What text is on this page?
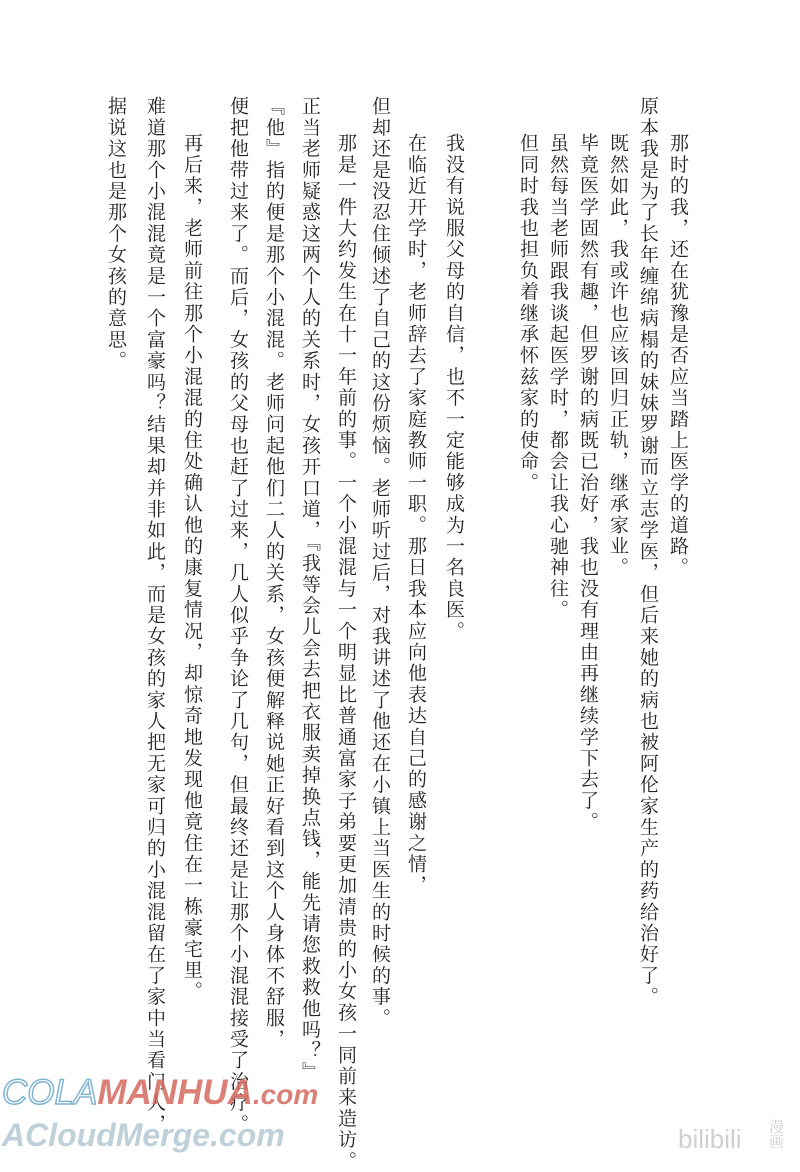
那时的我，还在犹豫是否应当踏上医学的道路。
原本我是为了长年缠绵病榻的妹妹罗谢而立志学医，但后来她的病也被阿伦家生产的药给治好了。
既然如此，我或许也应该回归正轨，继承家业。
毕竟医学固然有趣，但罗谢的病既已治好，我也没有理由再继续学下去了。
虽然每当老师跟我谈起医学时，都会让我心驰神往。
但同时我也担负着继承怀兹家的使命。
我没有说服父母的自信，也不一定能够成为一名良医。
在临近开学时，老师辞去了家庭教师一职。那日我本应向他表达自己的感谢之情，
但却还是没忍住倾述了自己的这份烦恼。老师听过后，对我讲述了他还在小镇上当医生的时候的事。
那是一件大约发生在十一年前的事。一个小混混与一个明显比普通富家子弟要更加清贵的小女孩一同前来造访。
正当老师疑惑这两个人的关系时，女孩开口道，『我等会儿会去把衣服卖掉换点钱，能先请您救救他吗？』
『他』指的便是那个小混混。老师问起他们二人的关系，女孩便解释说她正好看到这个人身体不舒服，
便把他带过来了。而后，女孩的父母也赶了过来，几人似乎争论了几句，但最终还是让那个小混混接受了治疗。
再后来，老师前往那个小混混的住处确认他的康复情况，却惊奇地发现他竟住在一栋豪宅里。
难道那个小混混竟是一个富豪吗？结果却并非如此，而是女孩的家人把无家可归的小混混留在了家中当看门人，
据说这也是那个女孩的意思。
COLAMANHUA.com
ACloudMerge.com	bilibili 漫画
